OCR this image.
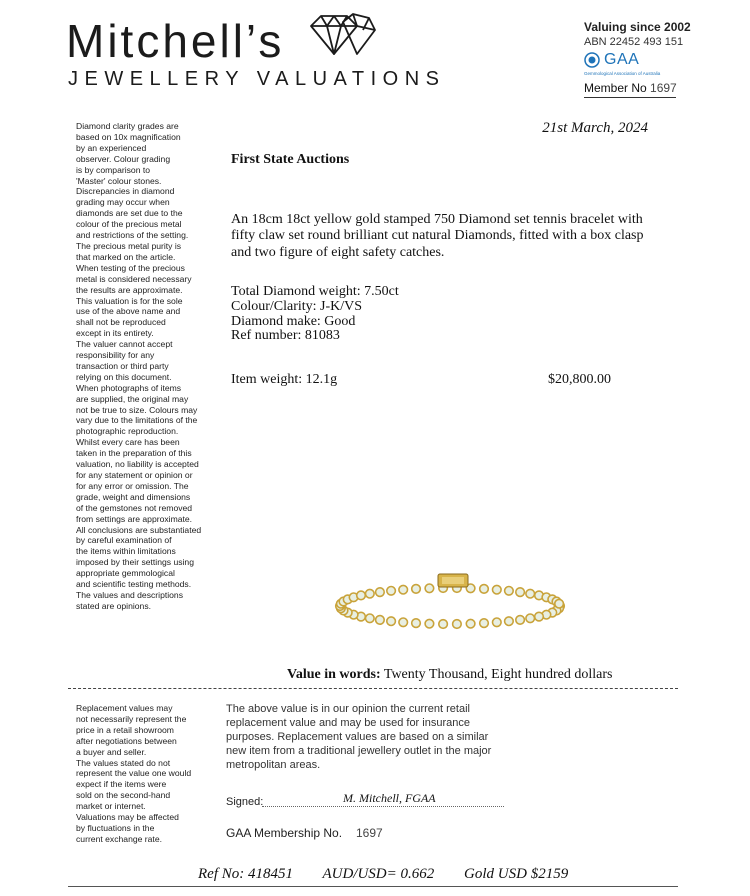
Mitchell’s
JEWELLERY VALUATIONS
Valuing since 2002
ABN 22452 493 151
GAA
Gemmological Association of Australia
Member No 1697
Diamond clarity grades are
based on 10x magnification
by an experienced
observer. Colour grading
is by comparison to
'Master' colour stones.
Discrepancies in diamond
grading may occur when
diamonds are set due to the
colour of the precious metal
and restrictions of the setting.
The precious metal purity is
that marked on the article.
When testing of the precious
metal is considered necessary
the results are approximate.
This valuation is for the sole
use of the above name and
shall not be reproduced
except in its entirety.
The valuer cannot accept
responsibility for any
transaction or third party
relying on this document.
When photographs of items
are supplied, the original may
not be true to size. Colours may
vary due to the limitations of the
photographic reproduction.
Whilst every care has been
taken in the preparation of this
valuation, no liability is accepted
for any statement or opinion or
for any error or omission. The
grade, weight and dimensions
of the gemstones not removed
from settings are approximate.
All conclusions are substantiated
by careful examination of
the items within limitations
imposed by their settings using
appropriate gemmological
and scientific testing methods.
The values and descriptions
stated are opinions.
21st March, 2024
First State Auctions
An 18cm 18ct yellow gold stamped 750 Diamond set tennis bracelet with fifty claw set round brilliant cut natural Diamonds, fitted with a box clasp and two figure of eight safety catches.
Total Diamond weight: 7.50ct
Colour/Clarity: J-K/VS
Diamond make: Good
Ref number: 81083
Item weight: 12.1g	$20,800.00
Value in words: Twenty Thousand, Eight hundred dollars
Replacement values may
not necessarily represent the
price in a retail showroom
after negotiations between
a buyer and seller.
The values stated do not
represent the value one would
expect if the items were
sold on the second-hand
market or internet.
Valuations may be affected
by fluctuations in the
current exchange rate.
The above value is in our opinion the current retail replacement value and may be used for insurance purposes. Replacement values are based on a similar new item from a traditional jewellery outlet in the major metropolitan areas.
Signed:	M. Mitchell, FGAA
GAA Membership No. 1697
Ref No: 418451 AUD/USD= 0.662 Gold USD $2159
